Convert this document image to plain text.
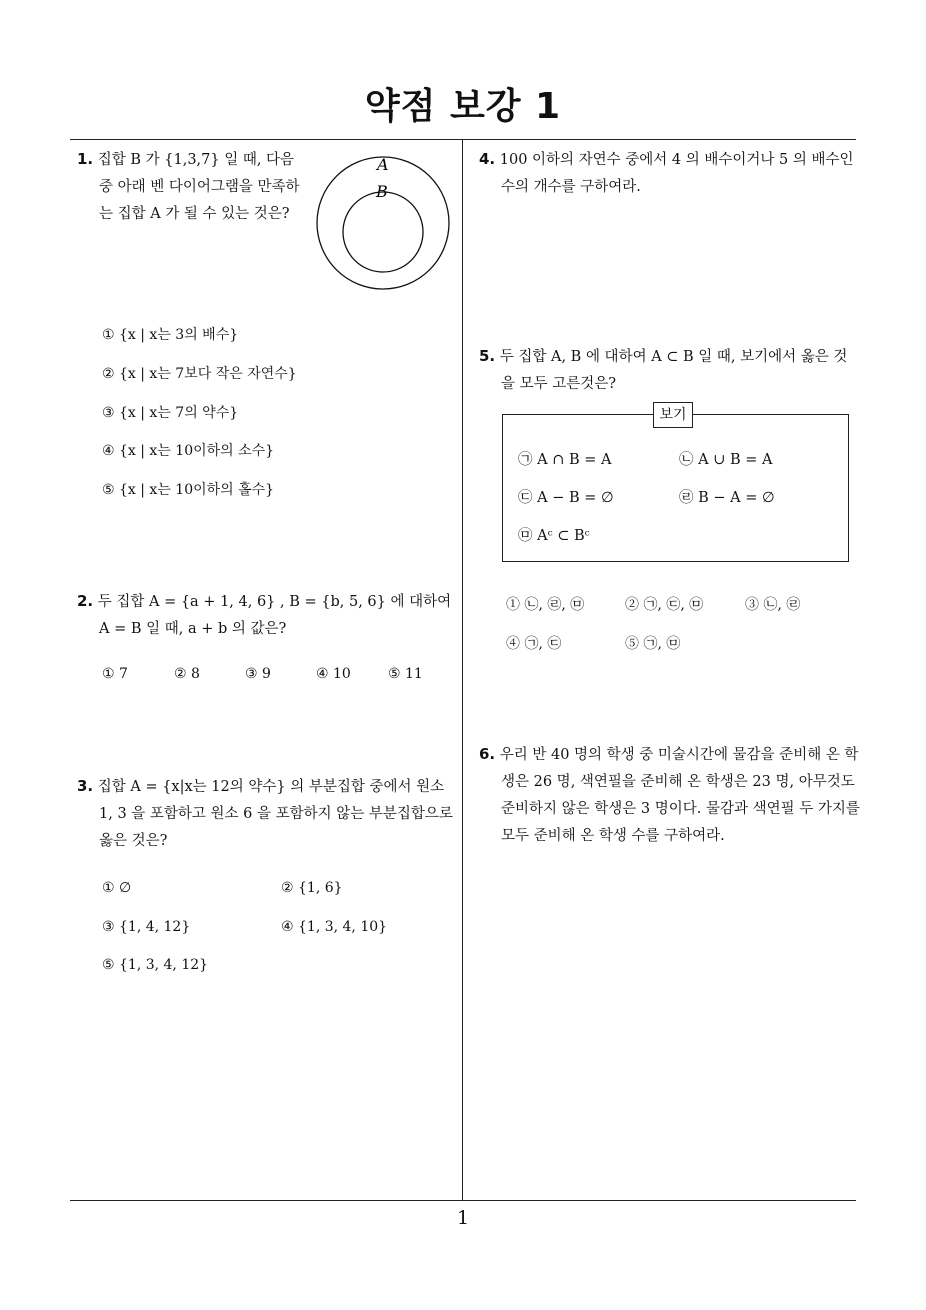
약점 보강 1
1
1. 집합 B 가 {1,3,7} 일 때, 다음 중 아래 벤 다이어그램을 만족하는 집합 A 가 될 수 있는 것은?
A
B
① {x | x는 3의 배수}
② {x | x는 7보다 작은 자연수}
③ {x | x는 7의 약수}
④ {x | x는 10이하의 소수}
⑤ {x | x는 10이하의 홀수}
2. 두 집합 A = {a + 1, 4, 6} , B = {b, 5, 6} 에 대하여 A = B 일 때, a + b 의 값은?
① 7	② 8	③ 9	④ 10	⑤ 11
3. 집합 A = {x|x는 12의 약수} 의 부분집합 중에서 원소 1, 3 을 포함하고 원소 6 을 포함하지 않는 부분집합으로 옳은 것은?
① ∅	② {1, 6}
③ {1, 4, 12}	④ {1, 3, 4, 10}
⑤ {1, 3, 4, 12}
4. 100 이하의 자연수 중에서 4 의 배수이거나 5 의 배수인 수의 개수를 구하여라.
5. 두 집합 A, B 에 대하여 A ⊂ B 일 때, 보기에서 옳은 것을 모두 고른것은?
보기
㉠ A ∩ B = A	㉡ A ∪ B = A
㉢ A − B = ∅	㉣ B − A = ∅
㉤ Aᶜ ⊂ Bᶜ
① ㉡, ㉣, ㉤	② ㉠, ㉢, ㉤	③ ㉡, ㉣
④ ㉠, ㉢	⑤ ㉠, ㉤
6. 우리 반 40 명의 학생 중 미술시간에 물감을 준비해 온 학생은 26 명, 색연필을 준비해 온 학생은 23 명, 아무것도 준비하지 않은 학생은 3 명이다. 물감과 색연필 두 가지를 모두 준비해 온 학생 수를 구하여라.
